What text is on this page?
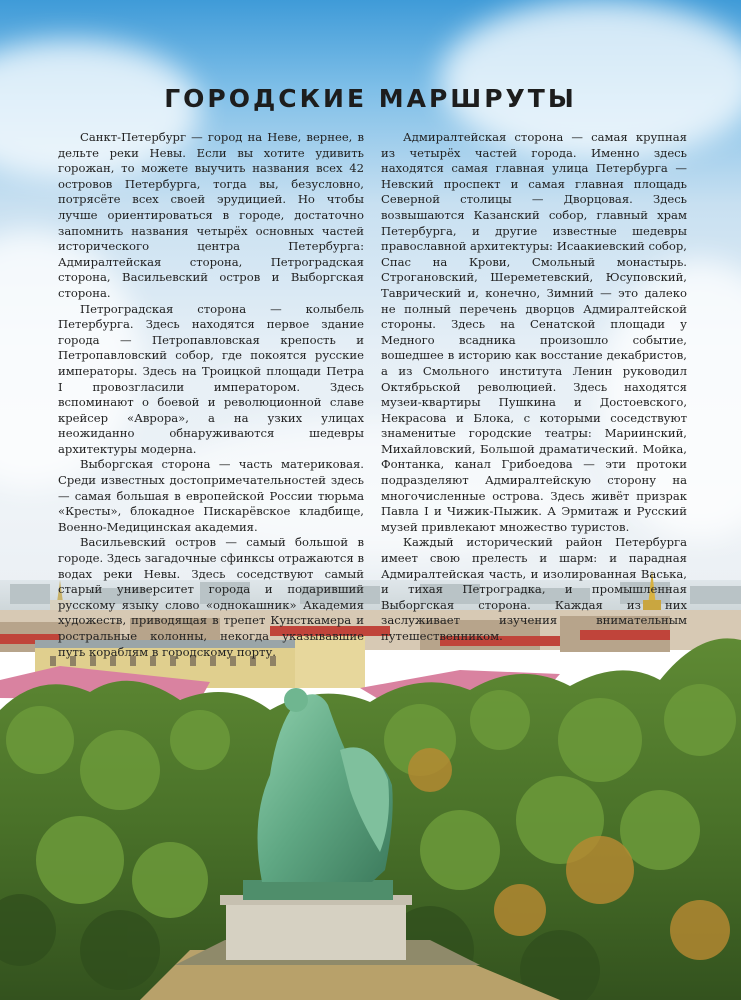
ГОРОДСКИЕ МАРШРУТЫ

Санкт-Петербург — город на Неве, вернее, в дельте реки Невы. Если вы хотите удивить горожан, то можете выучить названия всех 42 островов Петербурга, тогда вы, безусловно, потрясёте всех своей эрудицией. Но чтобы лучше ориентироваться в городе, достаточно запомнить названия четырёх основных частей исторического центра Петербурга: Адмиралтейская сторона, Петроградская сторона, Васильевский остров и Выборгская сторона.

Петроградская сторона — колыбель Петербурга. Здесь находятся первое здание города — Петропавловская крепость и Петропавловский собор, где покоятся русские императоры. Здесь на Троицкой площади Петра I провозгласили императором. Здесь вспоминают о боевой и революционной славе крейсер «Аврора», а на узких улицах неожиданно обнаруживаются шедевры архитектуры модерна.

Выборгская сторона — часть материковая. Среди известных достопримечательностей здесь — самая большая в европейской России тюрьма «Кресты», блокадное Пискарёвское кладбище, Военно-Медицинская академия.

Васильевский остров — самый большой в городе. Здесь загадочные сфинксы отражаются в водах реки Невы. Здесь соседствуют самый старый университет города и подаривший русскому языку слово «однокашник» Академия художеств, приводящая в трепет Кунсткамера и ростральные колонны, некогда указывавшие путь кораблям в городскому порту.

Адмиралтейская сторона — самая крупная из четырёх частей города. Именно здесь находятся самая главная улица Петербурга — Невский проспект и самая главная площадь Северной столицы — Дворцовая. Здесь возвышаются Казанский собор, главный храм Петербурга, и другие известные шедевры православной архитектуры: Исаакиевский собор, Спас на Крови, Смольный монастырь. Строгановский, Шереметевский, Юсуповский, Таврический и, конечно, Зимний — это далеко не полный перечень дворцов Адмиралтейской стороны. Здесь на Сенатской площади у Медного всадника произошло событие, вошедшее в историю как восстание декабристов, а из Смольного института Ленин руководил Октябрьской революцией. Здесь находятся музеи-квартиры Пушкина и Достоевского, Некрасова и Блока, с которыми соседствуют знаменитые городские театры: Мариинский, Михайловский, Большой драматический. Мойка, Фонтанка, канал Грибоедова — эти протоки подразделяют Адмиралтейскую сторону на многочисленные острова. Здесь живёт призрак Павла I и Чижик-Пыжик. А Эрмитаж и Русский музей привлекают множество туристов.

Каждый исторический район Петербурга имеет свою прелесть и шарм: и парадная Адмиралтейская часть, и изолированная Васька, и тихая Петроградка, и промышленная Выборгская сторона. Каждая из них заслуживает изучения внимательным путешественником.
